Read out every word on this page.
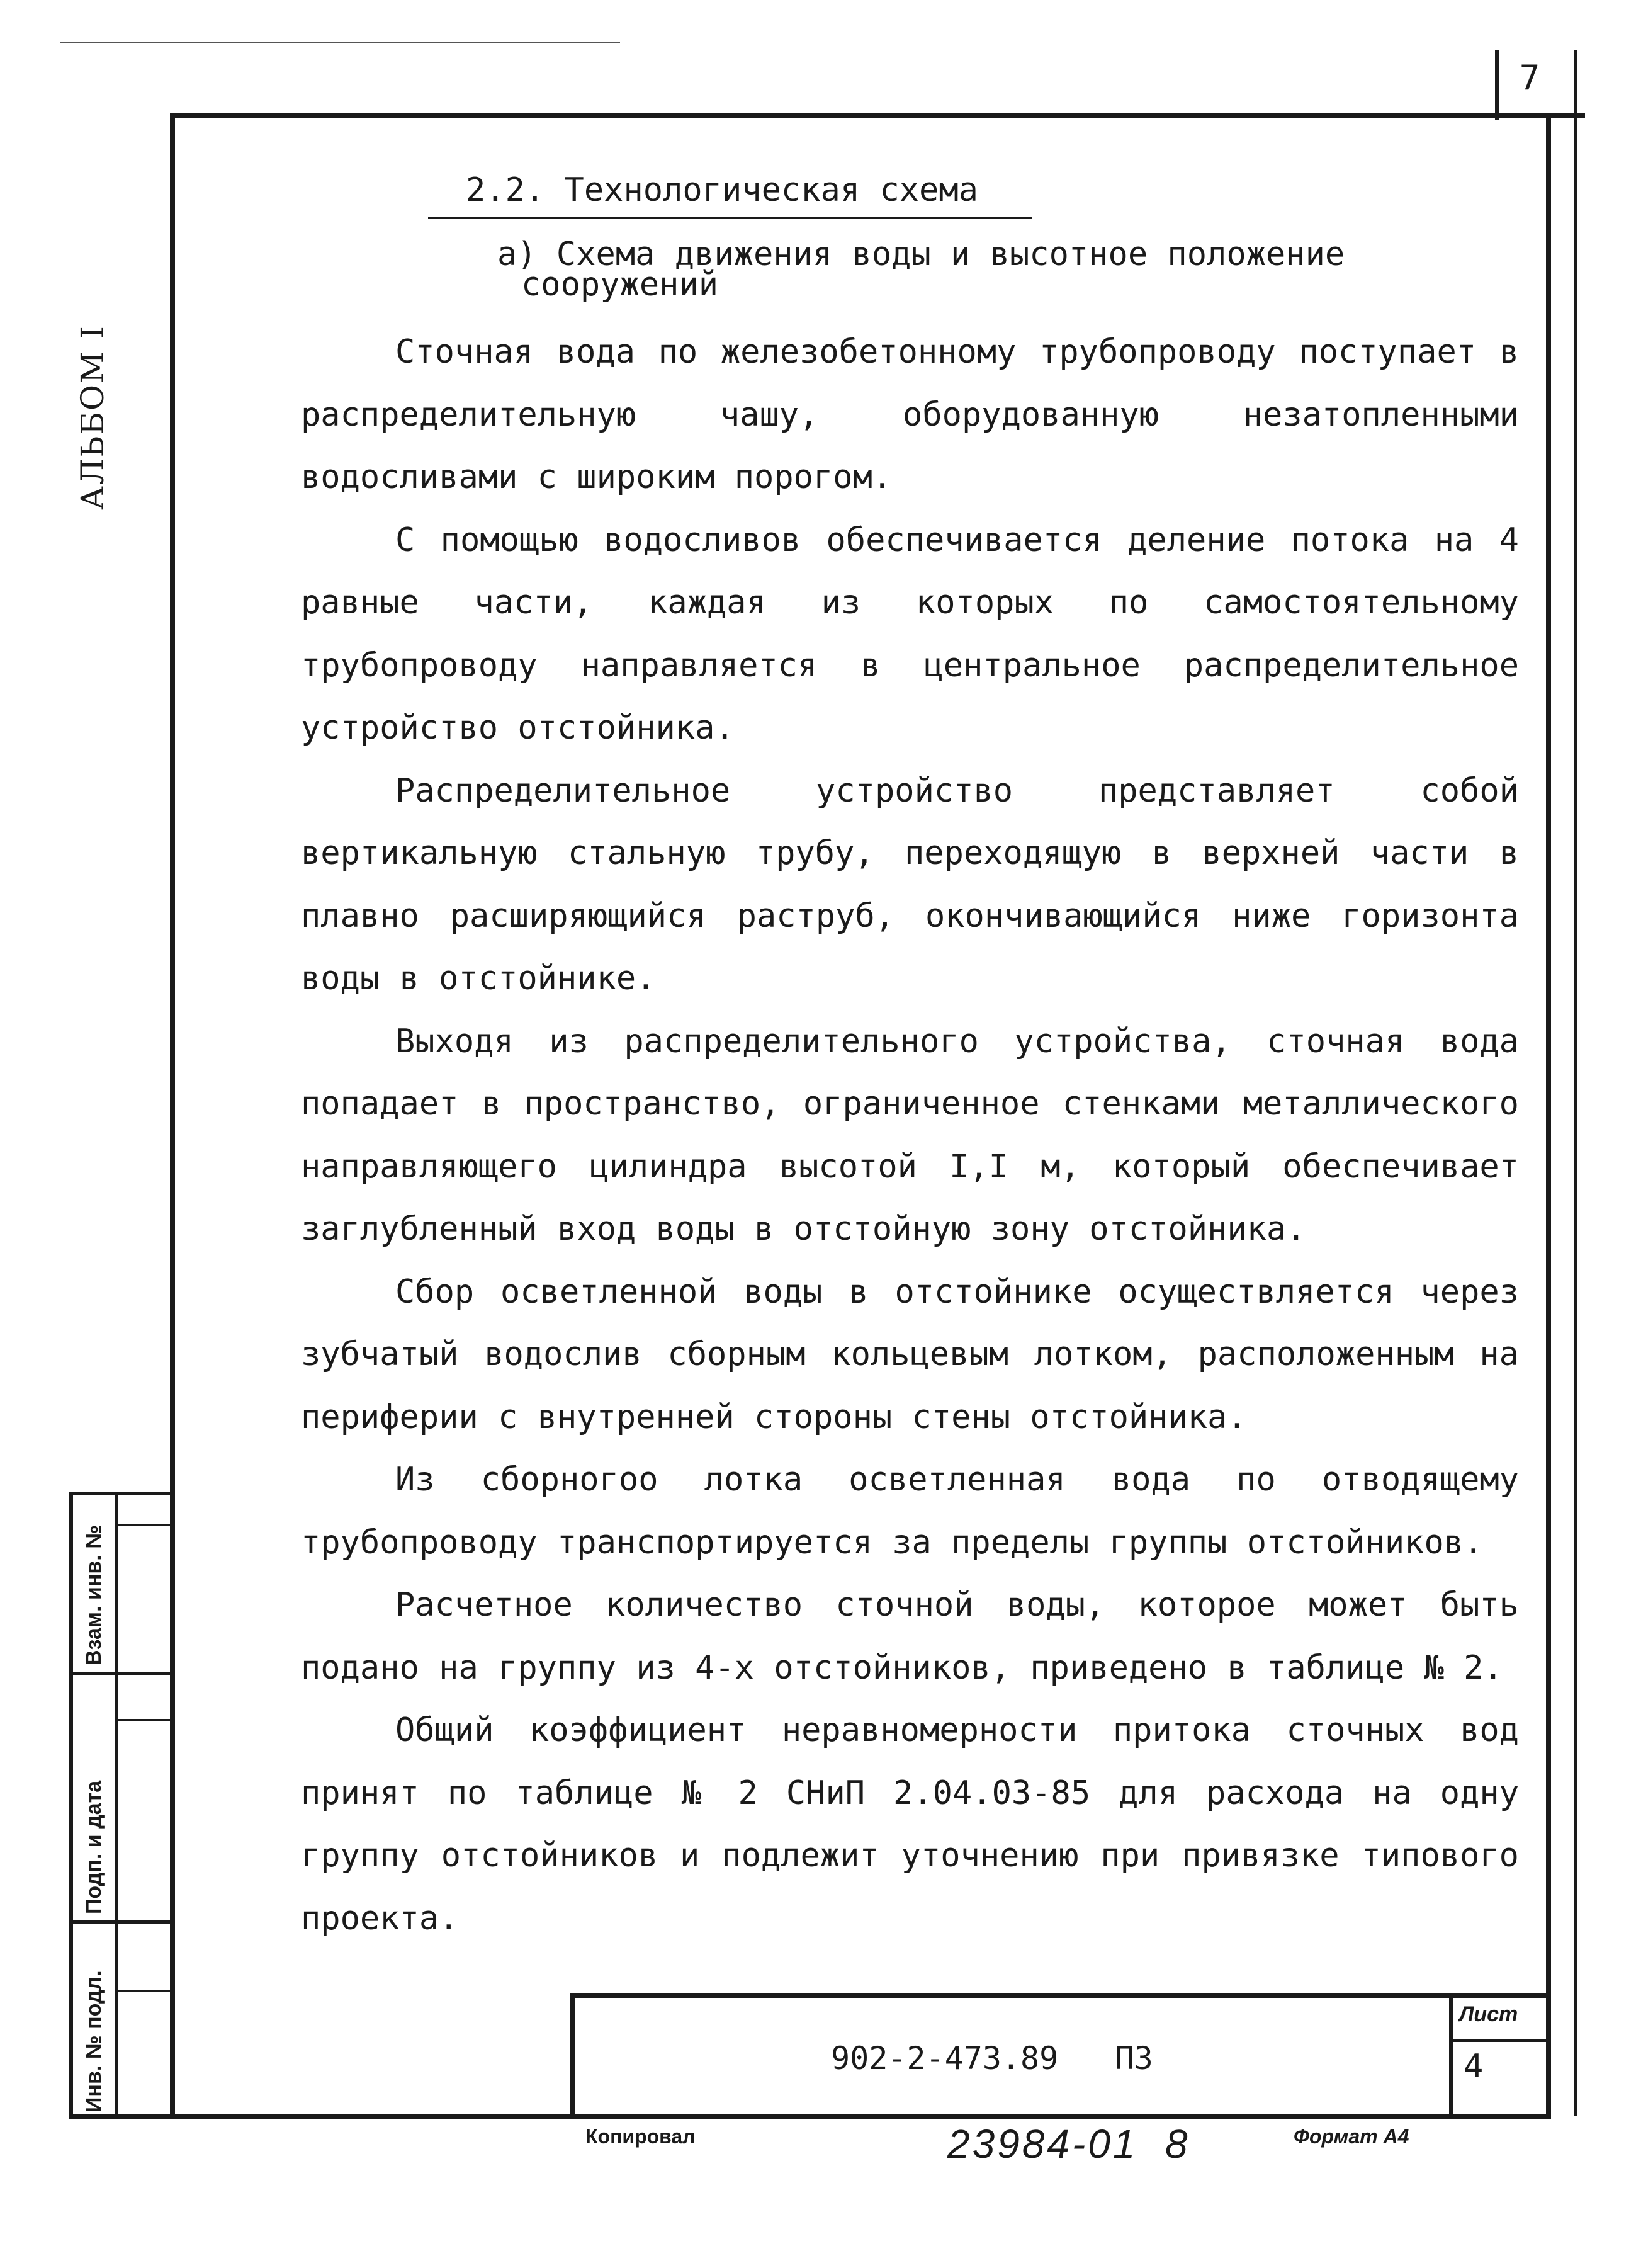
7
АЛЬБОМ I
Взам. инв. №
Подп. и дата
Инв. № подл.
2.2. Технологическая схема
а) Схема движения воды и высотное положение
сооружений

Сточная вода по железобетонному трубопроводу поступает в распределительную чашу, оборудованную незатопленными водосливами с широким порогом.

С помощью водосливов обеспечивается деление потока на 4 равные части, каждая из которых по самостоятельному трубопроводу направляется в центральное распределительное устройство отстойника.

Распределительное устройство представляет собой вертикальную стальную трубу, переходящую в верхней части в плавно расширяющийся раструб, окончивающийся ниже горизонта воды в отстойнике.

Выходя из распределительного устройства, сточная вода попадает в пространство, ограниченное стенками металлического направляющего цилиндра высотой I,I м, который обеспечивает заглубленный вход воды в отстойную зону отстойника.

Сбор осветленной воды в отстойнике осуществляется через зубчатый водослив сборным кольцевым лотком, расположенным на периферии с внутренней стороны стены отстойника.

Из сборногоо лотка осветленная вода по отводящему трубопроводу транспортируется за пределы группы отстойников.

Расчетное количество сточной воды, которое может быть подано на группу из 4-х отстойников, приведено в таблице № 2.

Общий коэффициент неравномерности притока сточных вод принят по таблице № 2 СНиП 2.04.03-85 для расхода на одну группу отстойников и подлежит уточнению при привязке типового проекта.

902-2-473.89   ПЗ
Лист
4
Копировал	23984-01  8	Формат А4
